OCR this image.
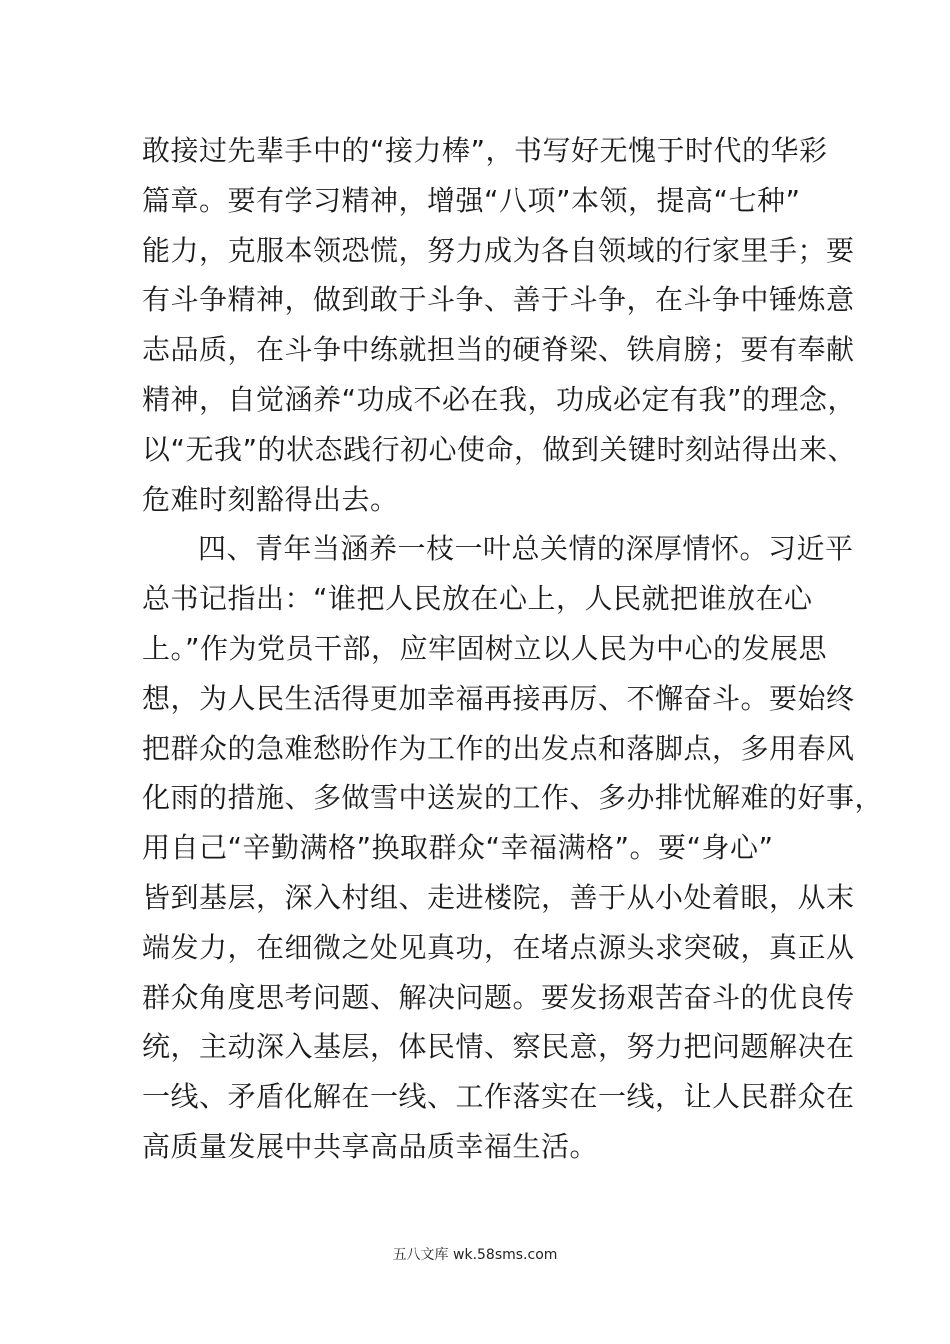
敢接过先辈手中的“接力棒”，书写好无愧于时代的华彩
篇章。要有学习精神，增强“八项”本领，提高“七种”
能力，克服本领恐慌，努力成为各自领域的行家里手；要
有斗争精神，做到敢于斗争、善于斗争，在斗争中锤炼意
志品质，在斗争中练就担当的硬脊梁、铁肩膀；要有奉献
精神，自觉涵养“功成不必在我，功成必定有我”的理念，
以“无我”的状态践行初心使命，做到关键时刻站得出来、
危难时刻豁得出去。
四、青年当涵养一枝一叶总关情的深厚情怀。习近平
总书记指出：“谁把人民放在心上，人民就把谁放在心
上。”作为党员干部，应牢固树立以人民为中心的发展思
想，为人民生活得更加幸福再接再厉、不懈奋斗。要始终
把群众的急难愁盼作为工作的出发点和落脚点，多用春风
化雨的措施、多做雪中送炭的工作、多办排忧解难的好事，
用自己“辛勤满格”换取群众“幸福满格”。要“身心”
皆到基层，深入村组、走进楼院，善于从小处着眼，从末
端发力，在细微之处见真功，在堵点源头求突破，真正从
群众角度思考问题、解决问题。要发扬艰苦奋斗的优良传
统，主动深入基层，体民情、察民意，努力把问题解决在
一线、矛盾化解在一线、工作落实在一线，让人民群众在
高质量发展中共享高品质幸福生活。
五八文库 wk.58sms.com
